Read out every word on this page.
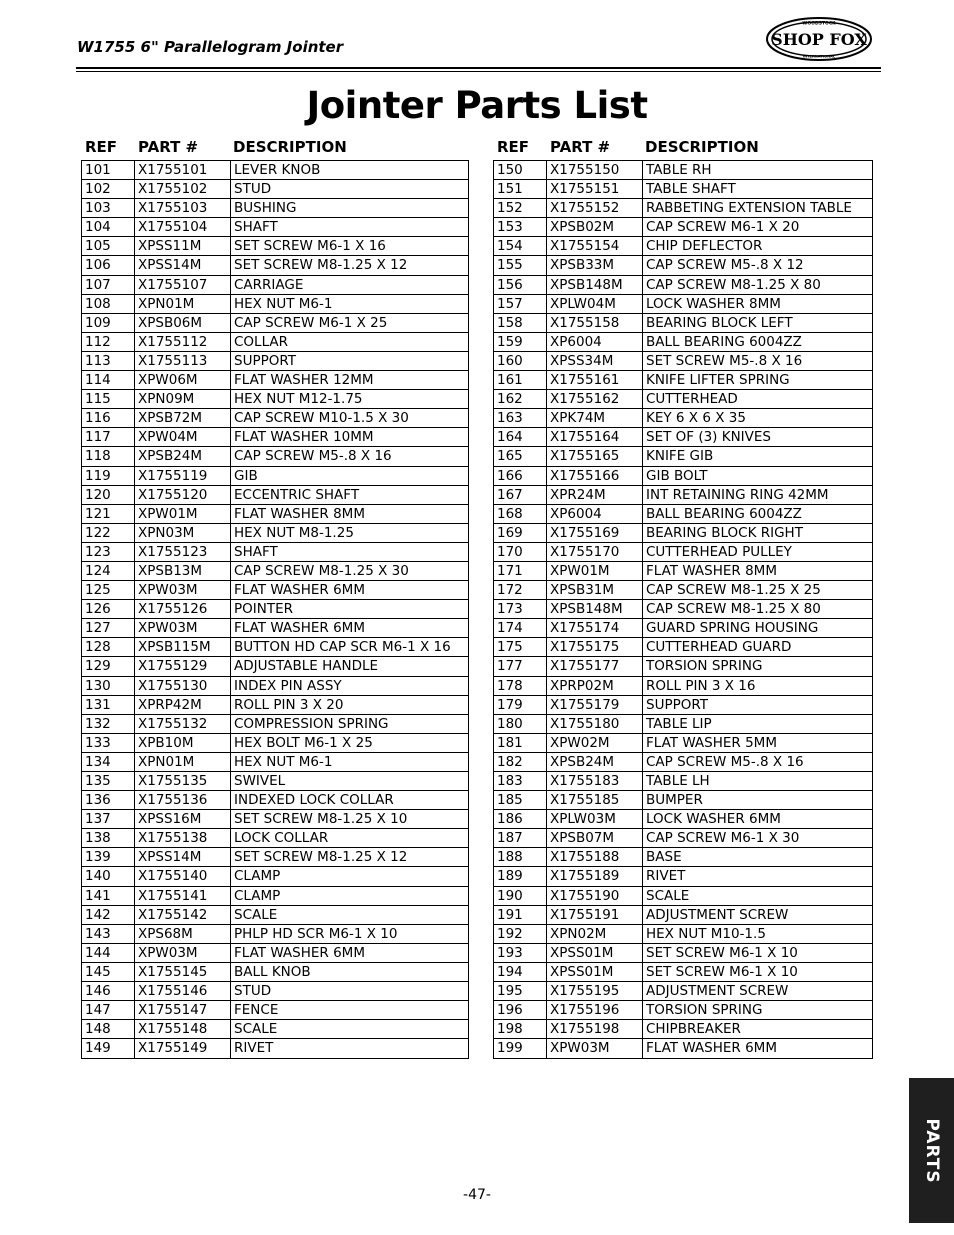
W1755 6" Parallelogram Jointer
WOODSTOCK
SHOP FOX
INTERNATIONAL
Jointer Parts List
REF PART # DESCRIPTION
101	X1755101	LEVER KNOB
102	X1755102	STUD
103	X1755103	BUSHING
104	X1755104	SHAFT
105	XPSS11M	SET SCREW M6-1 X 16
106	XPSS14M	SET SCREW M8-1.25 X 12
107	X1755107	CARRIAGE
108	XPN01M	HEX NUT M6-1
109	XPSB06M	CAP SCREW M6-1 X 25
112	X1755112	COLLAR
113	X1755113	SUPPORT
114	XPW06M	FLAT WASHER 12MM
115	XPN09M	HEX NUT M12-1.75
116	XPSB72M	CAP SCREW M10-1.5 X 30
117	XPW04M	FLAT WASHER 10MM
118	XPSB24M	CAP SCREW M5-.8 X 16
119	X1755119	GIB
120	X1755120	ECCENTRIC SHAFT
121	XPW01M	FLAT WASHER 8MM
122	XPN03M	HEX NUT M8-1.25
123	X1755123	SHAFT
124	XPSB13M	CAP SCREW M8-1.25 X 30
125	XPW03M	FLAT WASHER 6MM
126	X1755126	POINTER
127	XPW03M	FLAT WASHER 6MM
128	XPSB115M	BUTTON HD CAP SCR M6-1 X 16
129	X1755129	ADJUSTABLE HANDLE
130	X1755130	INDEX PIN ASSY
131	XPRP42M	ROLL PIN 3 X 20
132	X1755132	COMPRESSION SPRING
133	XPB10M	HEX BOLT M6-1 X 25
134	XPN01M	HEX NUT M6-1
135	X1755135	SWIVEL
136	X1755136	INDEXED LOCK COLLAR
137	XPSS16M	SET SCREW M8-1.25 X 10
138	X1755138	LOCK COLLAR
139	XPSS14M	SET SCREW M8-1.25 X 12
140	X1755140	CLAMP
141	X1755141	CLAMP
142	X1755142	SCALE
143	XPS68M	PHLP HD SCR M6-1 X 10
144	XPW03M	FLAT WASHER 6MM
145	X1755145	BALL KNOB
146	X1755146	STUD
147	X1755147	FENCE
148	X1755148	SCALE
149	X1755149	RIVET
REF PART # DESCRIPTION
150	X1755150	TABLE RH
151	X1755151	TABLE SHAFT
152	X1755152	RABBETING EXTENSION TABLE
153	XPSB02M	CAP SCREW M6-1 X 20
154	X1755154	CHIP DEFLECTOR
155	XPSB33M	CAP SCREW M5-.8 X 12
156	XPSB148M	CAP SCREW M8-1.25 X 80
157	XPLW04M	LOCK WASHER 8MM
158	X1755158	BEARING BLOCK LEFT
159	XP6004	BALL BEARING 6004ZZ
160	XPSS34M	SET SCREW M5-.8 X 16
161	X1755161	KNIFE LIFTER SPRING
162	X1755162	CUTTERHEAD
163	XPK74M	KEY 6 X 6 X 35
164	X1755164	SET OF (3) KNIVES
165	X1755165	KNIFE GIB
166	X1755166	GIB BOLT
167	XPR24M	INT RETAINING RING 42MM
168	XP6004	BALL BEARING 6004ZZ
169	X1755169	BEARING BLOCK RIGHT
170	X1755170	CUTTERHEAD PULLEY
171	XPW01M	FLAT WASHER 8MM
172	XPSB31M	CAP SCREW M8-1.25 X 25
173	XPSB148M	CAP SCREW M8-1.25 X 80
174	X1755174	GUARD SPRING HOUSING
175	X1755175	CUTTERHEAD GUARD
177	X1755177	TORSION SPRING
178	XPRP02M	ROLL PIN 3 X 16
179	X1755179	SUPPORT
180	X1755180	TABLE LIP
181	XPW02M	FLAT WASHER 5MM
182	XPSB24M	CAP SCREW M5-.8 X 16
183	X1755183	TABLE LH
185	X1755185	BUMPER
186	XPLW03M	LOCK WASHER 6MM
187	XPSB07M	CAP SCREW M6-1 X 30
188	X1755188	BASE
189	X1755189	RIVET
190	X1755190	SCALE
191	X1755191	ADJUSTMENT SCREW
192	XPN02M	HEX NUT M10-1.5
193	XPSS01M	SET SCREW M6-1 X 10
194	XPSS01M	SET SCREW M6-1 X 10
195	X1755195	ADJUSTMENT SCREW
196	X1755196	TORSION SPRING
198	X1755198	CHIPBREAKER
199	XPW03M	FLAT WASHER 6MM
-47-
PARTS
